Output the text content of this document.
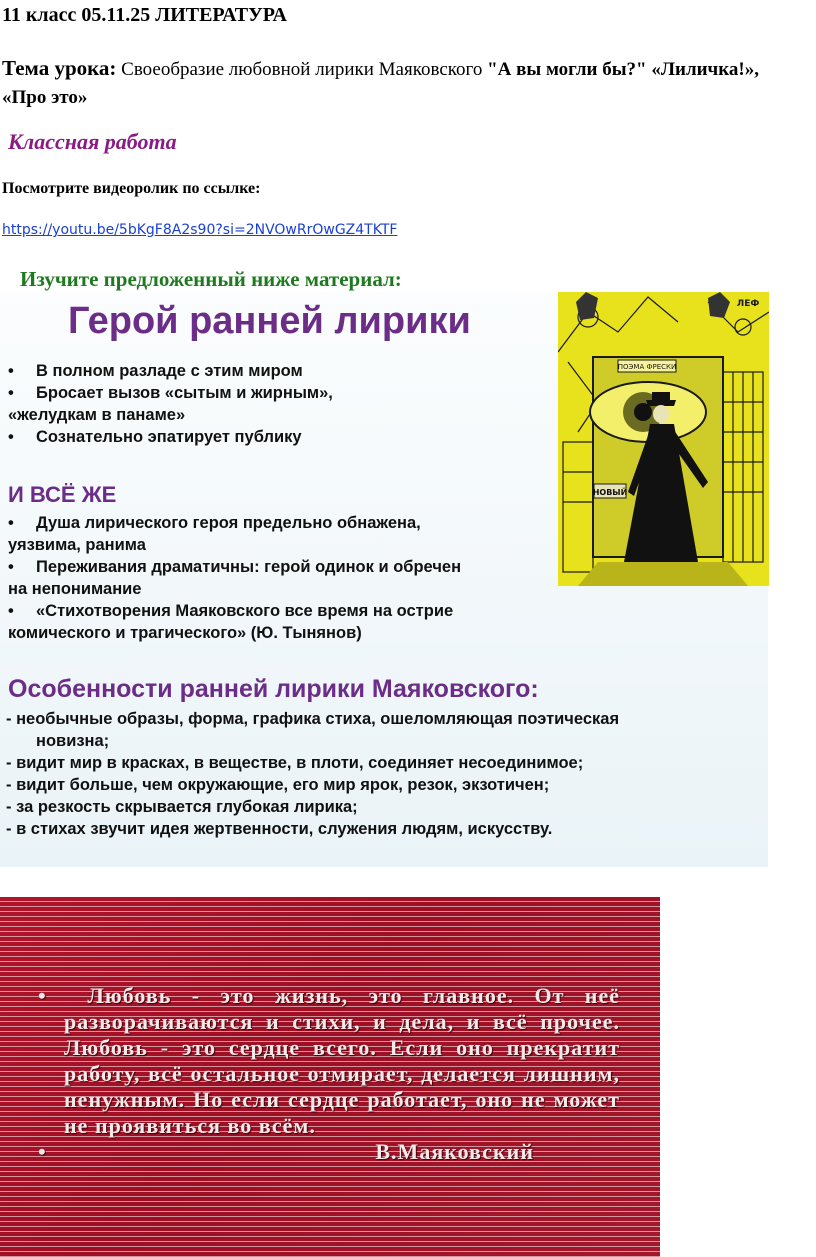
11 класс 05.11.25 ЛИТЕРАТУРА
Тема урока: Своеобразие любовной лирики Маяковского "А вы могли бы?" «Лиличка!», «Про это»
Классная работа
Посмотрите видеоролик по ссылке:
https://youtu.be/5bKgF8A2s90?si=2NVOwRrOwGZ4TKTF
Изучите предложенный ниже материал:
Герой ранней лирики
• В полном разладе с этим миром
• Бросает вызов «сытым и жирным»,
«желудкам в панаме»
• Сознательно эпатирует публику
И ВСЁ ЖЕ
• Душа лирического героя предельно обнажена,
уязвима, ранима
• Переживания драматичны: герой одинок и обречен
на непонимание
• «Стихотворения Маяковского все время на острие
комического и трагического» (Ю. Тынянов)
Особенности ранней лирики Маяковского:
- необычные образы, форма, графика стиха, ошеломляющая поэтическая
новизна;
- видит мир в красках, в веществе, в плоти, соединяет несоединимое;
- видит больше, чем окружающие, его мир ярок, резок, экзотичен;
- за резкость скрывается глубокая лирика;
- в стихах звучит идея жертвенности, служения людям, искусству.
ПОЭМА ФРЕСКИ
ЛЕФ
НОВЫЙ
• Любовь - это жизнь, это главное. От неё разворачиваются и стихи, и дела, и всё прочее. Любовь - это сердце всего. Если оно прекратит работу, всё остальное отмирает, делается лишним, ненужным. Но если сердце работает, оно не может не проявиться во всём.
•	В.Маяковский
